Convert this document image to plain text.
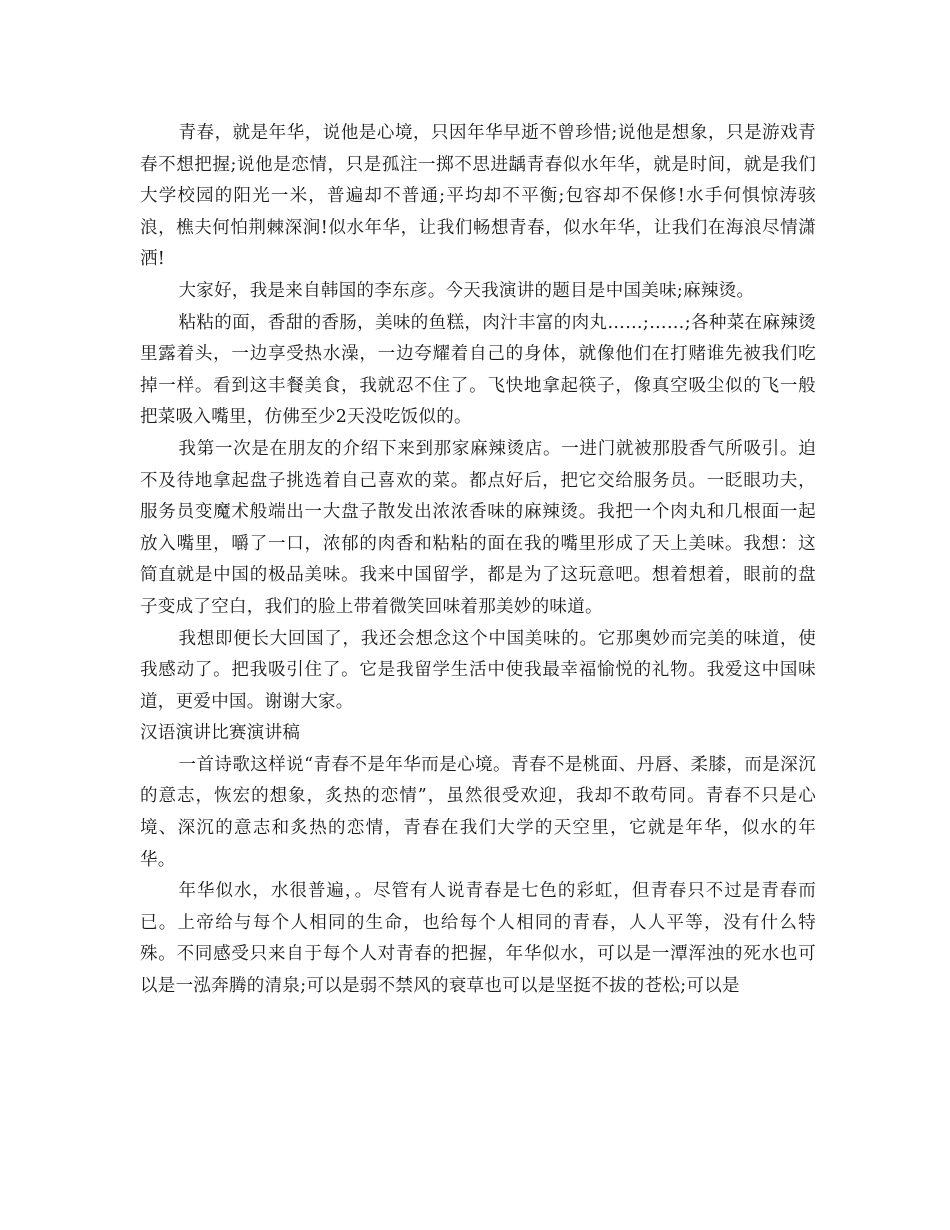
青春，就是年华，说他是心境，只因年华早逝不曾珍惜;说他是想象，只是游戏青春不想把握;说他是恋情，只是孤注一掷不思进龋青春似水年华，就是时间，就是我们大学校园的阳光一米，普遍却不普通;平均却不平衡;包容却不保修!水手何惧惊涛骇浪，樵夫何怕荆棘深涧!似水年华，让我们畅想青春，似水年华，让我们在海浪尽情潇洒!

大家好，我是来自韩国的李东彦。今天我演讲的题目是中国美味;麻辣烫。

粘粘的面，香甜的香肠，美味的鱼糕，肉汁丰富的肉丸……;……;各种菜在麻辣烫里露着头，一边享受热水澡，一边夸耀着自己的身体，就像他们在打赌谁先被我们吃掉一样。看到这丰餐美食，我就忍不住了。飞快地拿起筷子，像真空吸尘似的飞一般把菜吸入嘴里，仿佛至少2天没吃饭似的。

我第一次是在朋友的介绍下来到那家麻辣烫店。一进门就被那股香气所吸引。迫不及待地拿起盘子挑选着自己喜欢的菜。都点好后，把它交给服务员。一眨眼功夫，服务员变魔术般端出一大盘子散发出浓浓香味的麻辣烫。我把一个肉丸和几根面一起放入嘴里，嚼了一口，浓郁的肉香和粘粘的面在我的嘴里形成了天上美味。我想：这简直就是中国的极品美味。我来中国留学，都是为了这玩意吧。想着想着，眼前的盘子变成了空白，我们的脸上带着微笑回味着那美妙的味道。

我想即便长大回国了，我还会想念这个中国美味的。它那奥妙而完美的味道，使我感动了。把我吸引住了。它是我留学生活中使我最幸福愉悦的礼物。我爱这中国味道，更爱中国。谢谢大家。

汉语演讲比赛演讲稿

一首诗歌这样说“青春不是年华而是心境。青春不是桃面、丹唇、柔膝，而是深沉的意志，恢宏的想象，炙热的恋情”，虽然很受欢迎，我却不敢苟同。青春不只是心境、深沉的意志和炙热的恋情，青春在我们大学的天空里，它就是年华，似水的年华。

年华似水，水很普遍，。尽管有人说青春是七色的彩虹，但青春只不过是青春而已。上帝给与每个人相同的生命，也给每个人相同的青春，人人平等，没有什么特殊。不同感受只来自于每个人对青春的把握，年华似水，可以是一潭浑浊的死水也可以是一泓奔腾的清泉;可以是弱不禁风的衰草也可以是坚挺不拔的苍松;可以是
